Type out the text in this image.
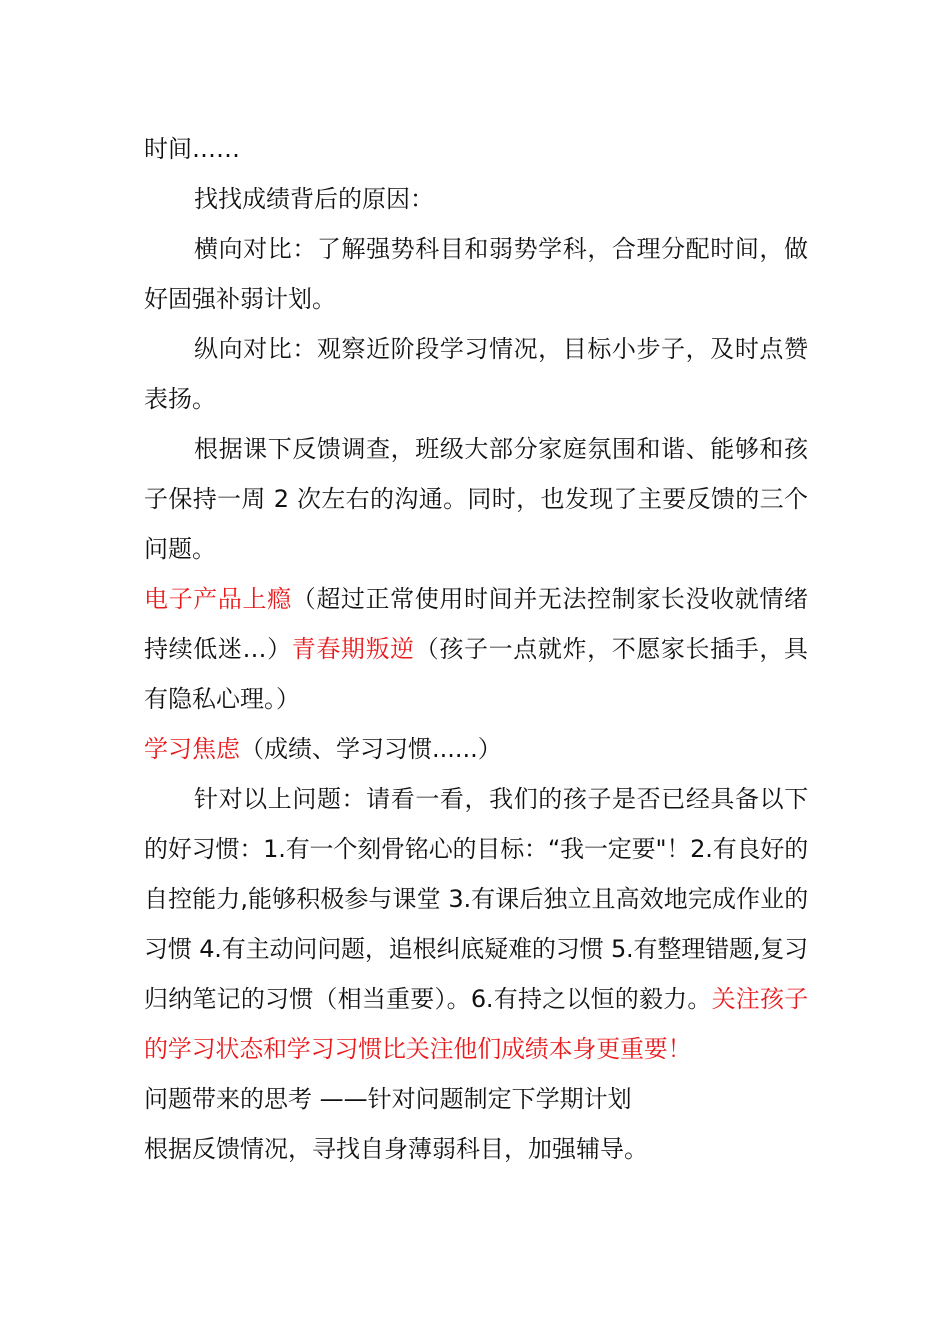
时间……

找找成绩背后的原因：

横向对比：了解强势科目和弱势学科，合理分配时间，做好固强补弱计划。

纵向对比：观察近阶段学习情况，目标小步子，及时点赞表扬。

根据课下反馈调查，班级大部分家庭氛围和谐、能够和孩子保持一周 2 次左右的沟通。同时，也发现了主要反馈的三个问题。

电子产品上瘾（超过正常使用时间并无法控制家长没收就情绪持续低迷…）青春期叛逆（孩子一点就炸，不愿家长插手，具有隐私心理。）

学习焦虑（成绩、学习习惯......）

针对以上问题：请看一看，我们的孩子是否已经具备以下的好习惯：1.有一个刻骨铭心的目标：“我一定要"！2.有良好的自控能力,能够积极参与课堂 3.有课后独立且高效地完成作业的习惯 4.有主动问问题，追根纠底疑难的习惯 5.有整理错题,复习归纳笔记的习惯（相当重要）。6.有持之以恒的毅力。关注孩子的学习状态和学习习惯比关注他们成绩本身更重要！

问题带来的思考 ——针对问题制定下学期计划

根据反馈情况，寻找自身薄弱科目，加强辅导。
